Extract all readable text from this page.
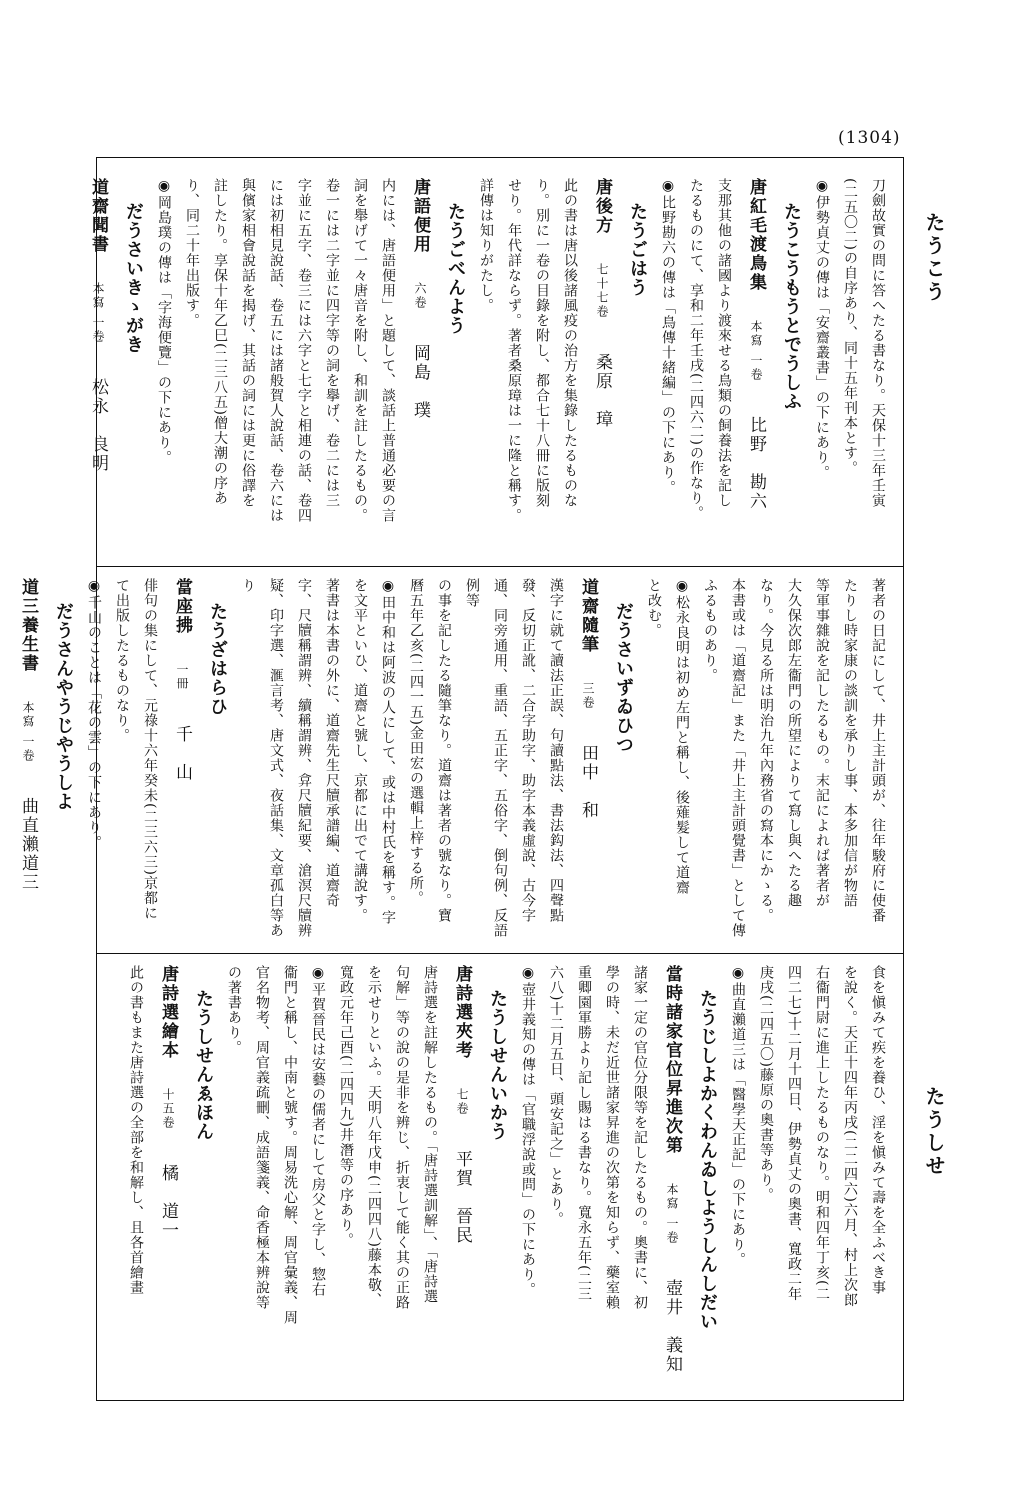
(1304)
たうこう
たうしせ
刀劍故實の問に答へたる書なり。天保十三年壬寅
(二五〇二)の自序あり、同十五年刊本とす。
◉伊勢貞丈の傳は「安齋叢書」の下にあり。
たうこうもうとでうしふ
唐紅毛渡鳥集本寫 一卷比野　勘六
支那其他の諸國より渡來せる鳥類の飼養法を記し
たるものにて、享和二年壬戌(二四六二)の作なり。
◉比野勘六の傳は「鳥傳十緒編」の下にあり。
たうごはう
唐後方七十七卷桑原　璋
此の書は唐以後諸風疫の治方を集錄したるものな
り。別に一卷の目錄を附し、都合七十八冊に版刻
せり。年代詳ならず。著者桑原璋は一に隆と稱す。
詳傳は知りがたし。
たうごべんよう
唐語便用六卷岡島　璞
内には、唐語便用」と題して、談話上普通必要の言
詞を舉げて一々唐音を附し、和訓を註したるもの。
卷一には二字並に四字等の詞を擧げ、卷二には三
字並に五字、卷三には六字と七字と相連の話、卷四
には初相見說話、卷五には諸般賀人說話、卷六には
與儐家相會說話を揭げ、其話の詞には更に俗譯を
註したり。享保十年乙巳(二三八五)僧大潮の序あ
り、同二十年出版す。
◉岡島璞の傳は「字海便覽」の下にあり。
だうさいきゝがき
道齋聞書本寫 一卷松永　良明
著者の日記にして、井上主計頭が、往年駿府に使番
たりし時家康の談訓を承りし事、本多加信が物語
等軍事雜說を記したるもの。末記によれば著者が
大久保次郎左衞門の所望によりて寫し與へたる趣
なり。今見る所は明治九年內務省の寫本にかゝる。
本書或は「道齋記」また「井上主計頭覺書」として傳
ふるものあり。
◉松永良明は初め左門と稱し、後薙髮して道齋
と改む。
だうさいずゐひつ
道齋隨筆三卷田中　和
漢字に就て讀法正誤、句讀點法、書法鈎法、四聲點
發、反切正訛、二合字助字、助字本義虛說、古今字
通、同旁通用、重語、五正字、五俗字、倒句例、反語例等
の事を記したる隨筆なり。道齋は著者の號なり。寶
曆五年乙亥(二四一五)金田宏の選輯上梓する所。
◉田中和は阿波の人にして、或は中村氏を稱す。字
を文平といひ、道齋と號し、京都に出でて講說す。
著書は本書の外に、道齋先生尺牘承譜編、道齋奇
字、尺牘稱謂辨、續稱謂辨、弇尺牘紀要、滄溟尺牘辨
疑、印字選、滙言考、唐文式、夜話集、文章孤白等あり
たうざはらひ
當座拂一冊千　山
俳句の集にして、元祿十六年癸未(二三六三)京都に
て出版したるものなり。
◉千山のことは「花の雲」の下にあり。
だうさんやうじやうしよ
道三養生書本寫 一卷曲直瀨道三
食を愼みて疾を養ひ、淫を愼みて壽を全ふべき事
を說く。天正十四年丙戌(二二四六)六月、村上次郎
右衞門尉に進上したるものなり。明和四年丁亥(二
四二七)十二月十四日、伊勢貞丈の奧書、寬政二年
庚戌(二四五〇)藤原の奧書等あり。
◉曲直瀨道三は「醫學天正記」の下にあり。
たうじしよかくわんゐしようしんしだい
當時諸家官位昇進次第本寫 一卷壺井　義知
諸家一定の官位分限等を記したるもの。奧書に、初
學の時、未だ近世諸家昇進の次第を知らず、藥室賴
重卿園軍勝より記し賜はる書なり。寬永五年(二三
六八)十二月五日、頭安記之」とあり。
◉壺井義知の傳は「官職浮說或問」の下にあり。
たうしせんいかう
唐詩選夾考七卷平賀　晉民
唐詩選を註解したるもの。「唐詩選訓解」、「唐詩選
句解」等の說の是非を辨じ、折衷して能く其の正路
を示せりといふ。天明八年戊申(二四四八)藤本敬、
寬政元年己酉(二四四九)井潛等の序あり。
◉平賀晉民は安藝の儒者にして房父と字し、惣右
衞門と稱し、中南と號す。周易洗心解、周官彙義、周
官名物考、周官義疏刪、成語箋義、命香極本辨說等
の著書あり。
たうしせんゑほん
唐詩選繪本十五卷橘　道一
此の書もまた唐詩選の全部を和解し、且各首繪畫
